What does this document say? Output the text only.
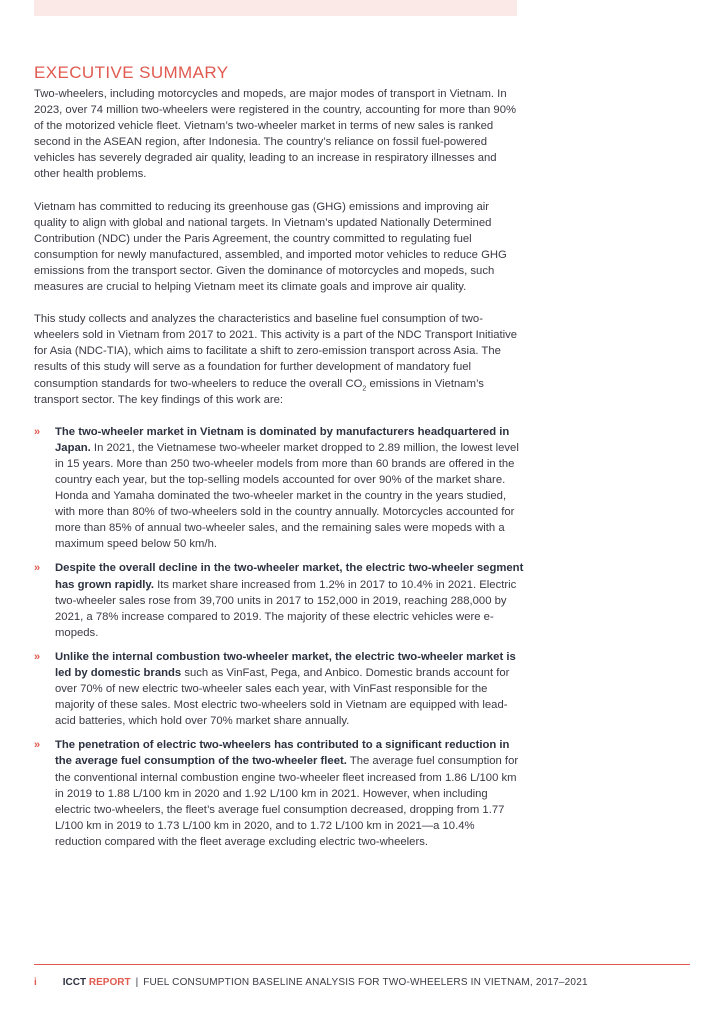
EXECUTIVE SUMMARY

Two-wheelers, including motorcycles and mopeds, are major modes of transport in Vietnam. In 2023, over 74 million two-wheelers were registered in the country, accounting for more than 90% of the motorized vehicle fleet. Vietnam’s two-wheeler market in terms of new sales is ranked second in the ASEAN region, after Indonesia. The country’s reliance on fossil fuel-powered vehicles has severely degraded air quality, leading to an increase in respiratory illnesses and other health problems.

Vietnam has committed to reducing its greenhouse gas (GHG) emissions and improving air quality to align with global and national targets. In Vietnam’s updated Nationally Determined Contribution (NDC) under the Paris Agreement, the country committed to regulating fuel consumption for newly manufactured, assembled, and imported motor vehicles to reduce GHG emissions from the transport sector. Given the dominance of motorcycles and mopeds, such measures are crucial to helping Vietnam meet its climate goals and improve air quality.

This study collects and analyzes the characteristics and baseline fuel consumption of two-wheelers sold in Vietnam from 2017 to 2021. This activity is a part of the NDC Transport Initiative for Asia (NDC-TIA), which aims to facilitate a shift to zero-emission transport across Asia. The results of this study will serve as a foundation for further development of mandatory fuel consumption standards for two-wheelers to reduce the overall $CO_2$ emissions in Vietnam’s transport sector. The key findings of this work are:

» The two-wheeler market in Vietnam is dominated by manufacturers headquartered in Japan. In 2021, the Vietnamese two-wheeler market dropped to 2.89 million, the lowest level in 15 years. More than 250 two-wheeler models from more than 60 brands are offered in the country each year, but the top-selling models accounted for over 90% of the market share. Honda and Yamaha dominated the two-wheeler market in the country in the years studied, with more than 80% of two-wheelers sold in the country annually. Motorcycles accounted for more than 85% of annual two-wheeler sales, and the remaining sales were mopeds with a maximum speed below 50 km/h.
» Despite the overall decline in the two-wheeler market, the electric two-wheeler segment has grown rapidly. Its market share increased from 1.2% in 2017 to 10.4% in 2021. Electric two-wheeler sales rose from 39,700 units in 2017 to 152,000 in 2019, reaching 288,000 by 2021, a 78% increase compared to 2019. The majority of these electric vehicles were e-mopeds.
» Unlike the internal combustion two-wheeler market, the electric two-wheeler market is led by domestic brands such as VinFast, Pega, and Anbico. Domestic brands account for over 70% of new electric two-wheeler sales each year, with VinFast responsible for the majority of these sales. Most electric two-wheelers sold in Vietnam are equipped with lead-acid batteries, which hold over 70% market share annually.
» The penetration of electric two-wheelers has contributed to a significant reduction in the average fuel consumption of the two-wheeler fleet. The average fuel consumption for the conventional internal combustion engine two-wheeler fleet increased from 1.86 L/100 km in 2019 to 1.88 L/100 km in 2020 and 1.92 L/100 km in 2021. However, when including electric two-wheelers, the fleet’s average fuel consumption decreased, dropping from 1.77 L/100 km in 2019 to 1.73 L/100 km in 2020, and to 1.72 L/100 km in 2021—a 10.4% reduction compared with the fleet average excluding electric two-wheelers.
i	ICCT REPORT | FUEL CONSUMPTION BASELINE ANALYSIS FOR TWO-WHEELERS IN VIETNAM, 2017–2021
